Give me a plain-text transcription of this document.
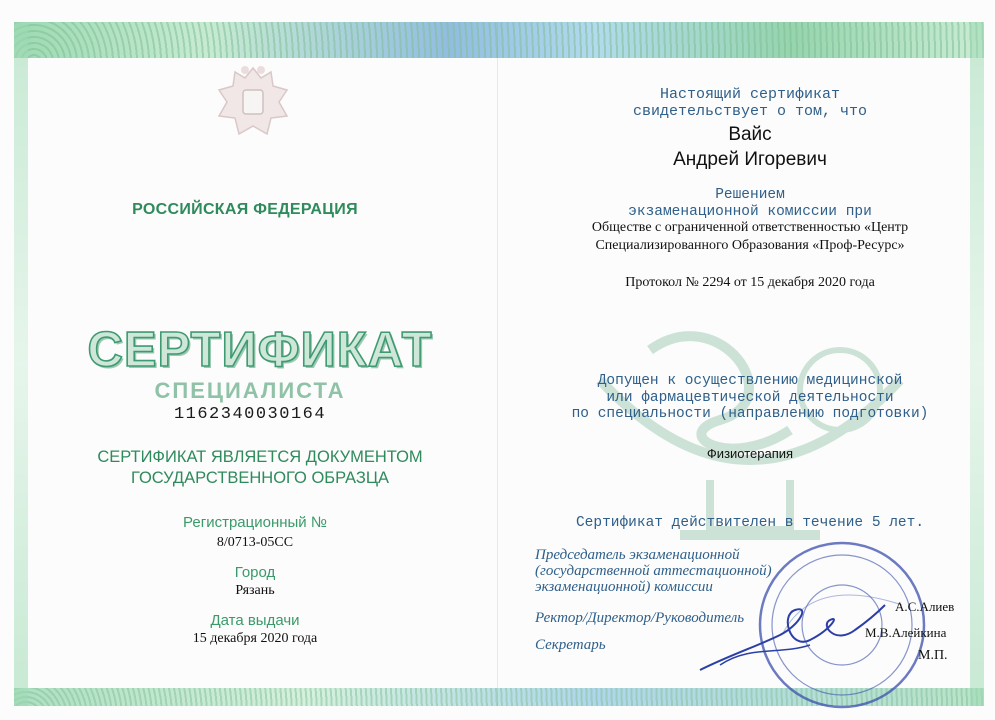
РОССИЙСКАЯ ФЕДЕРАЦИЯ
СЕРТИФИКАТ
СПЕЦИАЛИСТА
1162340030164
СЕРТИФИКАТ ЯВЛЯЕТСЯ ДОКУМЕНТОМ
ГОСУДАРСТВЕННОГО ОБРАЗЦА
Регистрационный №
8/0713-05СС
Город
Рязань
Дата выдачи
15 декабря 2020 года
Настоящий сертификат
свидетельствует о том, что
Вайс
Андрей Игоревич
Решением
экзаменационной комиссии при
Обществе с ограниченной ответственностью «Центр
Специализированного Образования «Проф-Ресурс»
Протокол № 2294 от 15 декабря 2020 года
Допущен к осуществлению медицинской
или фармацевтической деятельности
по специальности (направлению подготовки)
Физиотерапия
Сертификат действителен в течение 5 лет.
Председатель экзаменационной (государственной аттестационной) экзаменационной) комиссии
Ректор/Директор/Руководитель
Секретарь
А.С.Алиев
М.В.Алейкина
М.П.
